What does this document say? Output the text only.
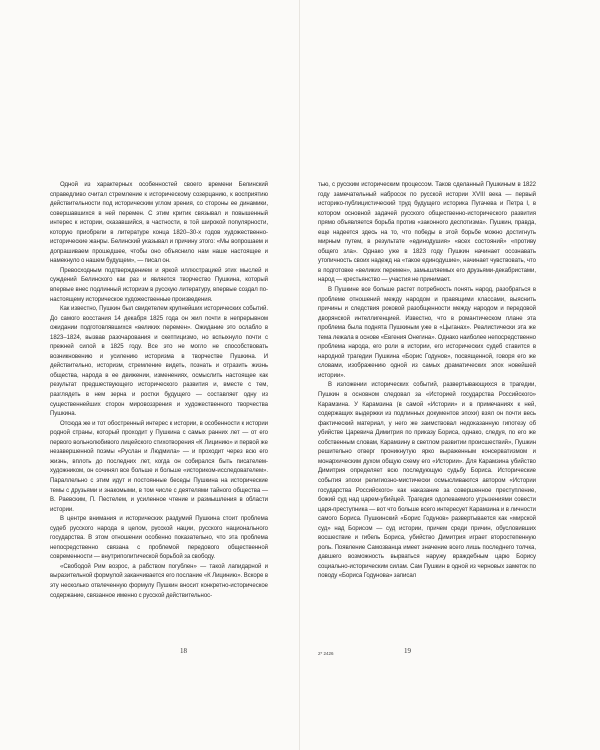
Одной из характерных особенностей своего времени Белинский справедливо считал стремление к историческому созерцанию, к восприятию действительности под историческим углом зрения, со стороны ее динамики, совершавшихся в ней перемен. С этим критик связывал и повышенный интерес к истории, сказавшийся, в частности, в той широкой популярности, которую приобрели в литературе конца 1820–30-х годов художественно-исторические жанры. Белинский указывал и причину этого: «Мы вопрошаем и допрашиваем прошедшее, чтобы оно объяснило нам наше настоящее и намекнуло о нашем будущем», — писал он.

Превосходным подтверждением и яркой иллюстрацией этих мыслей и суждений Белинского как раз и является творчество Пушкина, который впервые внес подлинный историзм в русскую литературу, впервые создал по-настоящему историческое художественные произведения.

Как известно, Пушкин был свидетелем крупнейших исторических событий. До самого восстания 14 декабря 1825 года он жил почти в непрерывном ожидании подготовлявшихся «великих перемен». Ожидание это ослабло в 1823–1824, вызвав разочарования и скептицизмо, но вспыхнуло почти с прежней силой в 1825 году. Все это не могло не способствовать возникновению и усилению историзма в творчестве Пушкина. И действительно, историзм, стремление видеть, познать и отразить жизнь общества, народа в ее движении, изменениях, осмыслить настоящее как результат предшествующего исторического развития и, вместе с тем, разглядеть в нем зерна и ростки будущего — составляет одну из существеннейших сторон мировоззрения и художественного творчества Пушкина.

Отсюда же и тот обостренный интерес к истории, в особенности к истории родной страны, который проходит у Пушкина с самых ранних лет — от его первого вольнолюбивого лицейского стихотворения «К Лицинию» и первой же незавершенной поэмы «Руслан и Людмила» — и проходит через всю его жизнь, вплоть до последних лет, когда он собирался быть писателем-художником, он сочинял все больше и больше «историком-исследователем». Параллельно с этим идут и постоянные беседы Пушкина на исторические темы с друзьями и знакомыми, в том числе с деятелями тайного общества — В. Раевским, П. Пестелем, и усиленное чтение и размышления в области истории.

В центре внимания и исторических раздумий Пушкина стоит проблема судеб русского народа в целом, русской нации, русского национального государства. В этом отношении особенно показательно, что эта проблема непосредственно связана с проблемой передового общественной современности — внутриполитической борьбой за свободу.

«Свободой Рим возрос, а рабством погублен» — такой лапидарной и выразительной формулой заканчивается его послание «К Лицинию». Вскоре в эту несколько отвлеченную формулу Пушкин вносит конкретно-историческое содержание, связанное именно с русской действительнос-

18

тью, с русским историческим процессом. Таков сделанный Пушкиным в 1822 году замечательный набросок по русской истории XVIII века — первый историко-публицистический труд будущего историка Пугачева и Петра I, в котором основной задачей русского общественно-исторического развития прямо объявляется борьба против «законного деспотизма». Пушкин, правда, еще надеется здесь на то, что победы в этой борьбе можно достигнуть мирным путем, в результате «единодушия» «всех состояний» «противу общего зла». Однако уже в 1823 году Пушкин начинает осознавать утопичность своих надежд на «такое единодушие», начинает чувствовать, что в подготовке «великих перемен», замышляемых его друзьями-декабристами, народ — крестьянство — участия не принимает.

В Пушкине все больше растет потребность понять народ, разобраться в проблеме отношений между народом и правящими классами, выяснить причины и следствия роковой разобщенности между народом и передовой дворянской интеллигенцией. Известно, что в романтическом плане эта проблема была поднята Пушкиным уже в «Цыганах». Реалистически эта же тема лежала в основе «Евгения Онегина». Однако наиболее непосредственно проблема народа, его роли в истории, его исторических судеб ставится в народной трагедии Пушкина «Борис Годунов», посвященной, говоря его же словами, изображению одной из самых драматических эпох новейшей истории».

В изложении исторических событий, развертывающихся в трагедии, Пушкин в основном следовал за «Историей государства Российского» Карамзина. У Карамзина (в самой «Истории» и в примечаниях к ней, содержащих выдержки из подлинных документов эпохи) взял он почти весь фактический материал, у него же заимствовал недоказанную гипотезу об убийстве Царевича Димитрия по приказу Бориса, однако, следуя, по его же собственным словам, Карамзину в светлом развитии происшествий», Пушкин решительно отверг проникнутую ярко выраженным консерватизмом и монархическим духом общую схему его «Истории». Для Карамзина убийство Димитрия определяет всю последующую судьбу Бориса. Исторические события эпохи религиозно-мистически осмысливаются автором «Истории государства Российского» как наказание за совершенное преступление, божий суд над царем-убийцей. Трагедия одолеваемого угрызениями совести царя-преступника — вот что больше всего интересует Карамзина и в личности самого Бориса. Пушкинский «Борис Годунов» развертывается как «мирской суд» над Борисом — суд истории, причем среди причин, обусловивших восшествие и гибель Бориса, убийство Димитрия играет второстепенную роль. Появление Самозванца имеет значение всего лишь последнего толчка, давшего возможность вырваться наружу враждебным царю Борису социально-историческим силам. Сам Пушкин в одной из черновых заметок по поводу «Бориса Годунова» записал

19
2* 2426
